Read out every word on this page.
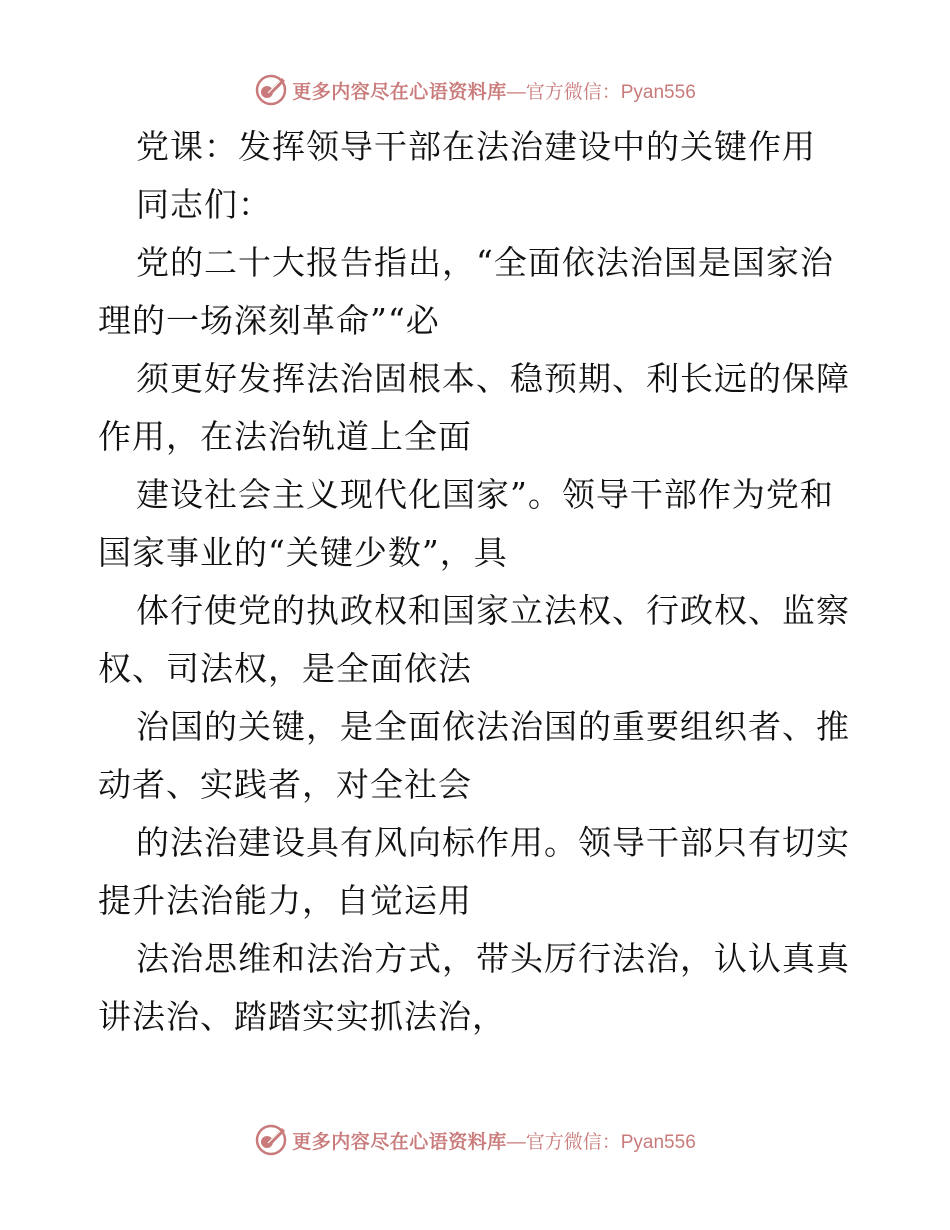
更多内容尽在心语资料库 —官方微信：Pyan556
党课：发挥领导干部在法治建设中的关键作用
同志们：
党的二十大报告指出，“全面依法治国是国家治
理的一场深刻革命”“必
须更好发挥法治固根本、稳预期、利长远的保障
作用，在法治轨道上全面
建设社会主义现代化国家”。领导干部作为党和
国家事业的“关键少数”，具
体行使党的执政权和国家立法权、行政权、监察
权、司法权，是全面依法
治国的关键，是全面依法治国的重要组织者、推
动者、实践者，对全社会
的法治建设具有风向标作用。领导干部只有切实
提升法治能力，自觉运用
法治思维和法治方式，带头厉行法治，认认真真
讲法治、踏踏实实抓法治，
更多内容尽在心语资料库 —官方微信：Pyan556
